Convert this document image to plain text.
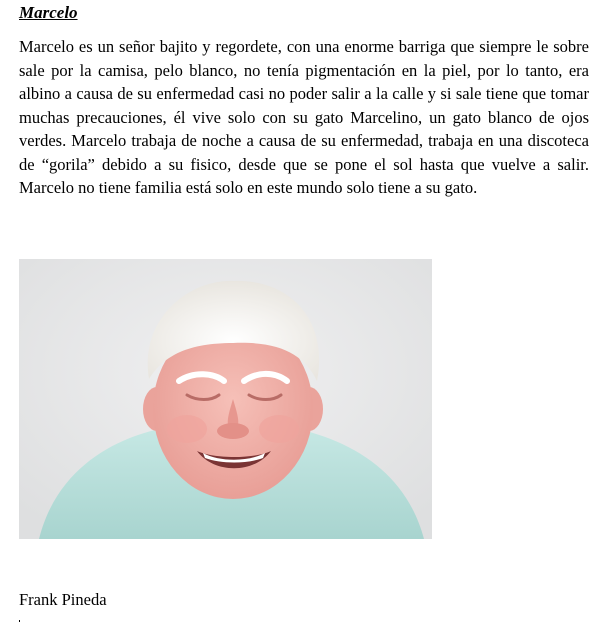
Marcelo

Marcelo es un señor bajito y regordete, con una enorme barriga que siempre le sobre sale por la camisa, pelo blanco, no tenía pigmentación en la piel, por lo tanto, era albino a causa de su enfermedad casi no poder salir a la calle y si sale tiene que tomar muchas precauciones, él vive solo con su gato Marcelino, un gato blanco de ojos verdes. Marcelo trabaja de noche a causa de su enfermedad, trabaja en una discoteca de “gorila” debido a su fisico, desde que se pone el sol hasta que vuelve a salir. Marcelo no tiene familia está solo en este mundo solo tiene a su gato.

Frank Pineda
